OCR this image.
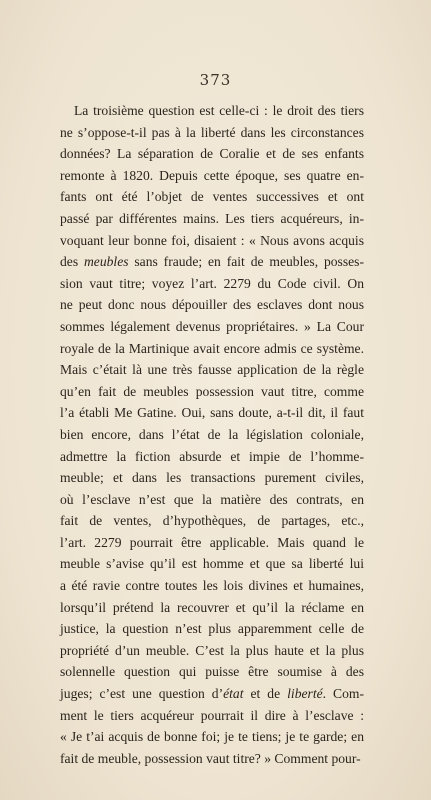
373
La troisième question est celle-ci : le droit des tiers
ne s’oppose-t-il pas à la liberté dans les circonstances
données? La séparation de Coralie et de ses enfants
remonte à 1820. Depuis cette époque, ses quatre en-
fants ont été l’objet de ventes successives et ont
passé par différentes mains. Les tiers acquéreurs, in-
voquant leur bonne foi, disaient : « Nous avons acquis
des meubles sans fraude; en fait de meubles, posses-
sion vaut titre; voyez l’art. 2279 du Code civil. On
ne peut donc nous dépouiller des esclaves dont nous
sommes légalement devenus propriétaires. » La Cour
royale de la Martinique avait encore admis ce système.
Mais c’était là une très fausse application de la règle
qu’en fait de meubles possession vaut titre, comme
l’a établi Me Gatine. Oui, sans doute, a-t-il dit, il faut
bien encore, dans l’état de la législation coloniale,
admettre la fiction absurde et impie de l’homme-
meuble; et dans les transactions purement civiles,
où l’esclave n’est que la matière des contrats, en
fait de ventes, d’hypothèques, de partages, etc.,
l’art. 2279 pourrait être applicable. Mais quand le
meuble s’avise qu’il est homme et que sa liberté lui
a été ravie contre toutes les lois divines et humaines,
lorsqu’il prétend la recouvrer et qu’il la réclame en
justice, la question n’est plus apparemment celle de
propriété d’un meuble. C’est la plus haute et la plus
solennelle question qui puisse être soumise à des
juges; c’est une question d’état et de liberté. Com-
ment le tiers acquéreur pourrait il dire à l’esclave :
« Je t’ai acquis de bonne foi; je te tiens; je te garde; en
fait de meuble, possession vaut titre? » Comment pour-
